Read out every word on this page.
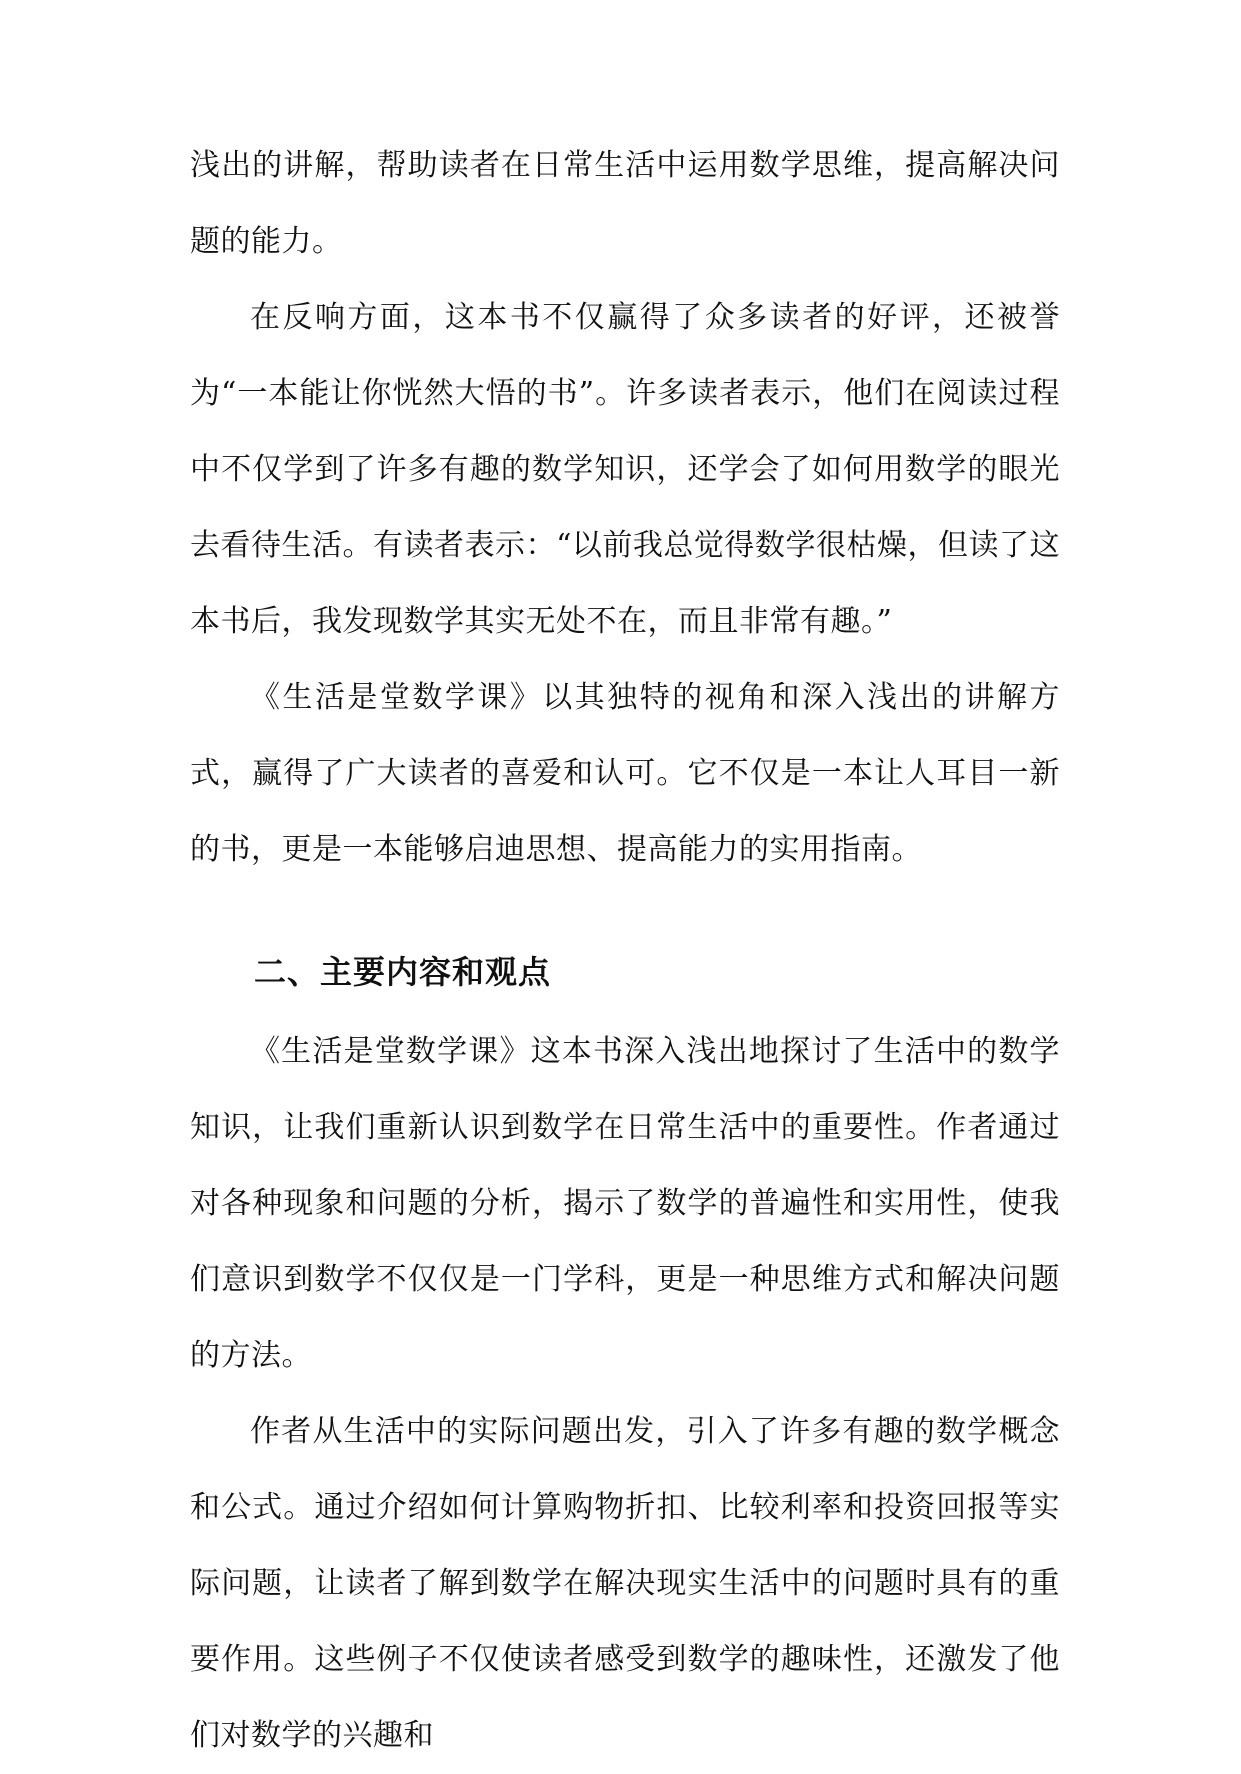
浅出的讲解，帮助读者在日常生活中运用数学思维，提高解决问题的能力。

在反响方面，这本书不仅赢得了众多读者的好评，还被誉为“一本能让你恍然大悟的书”。许多读者表示，他们在阅读过程中不仅学到了许多有趣的数学知识，还学会了如何用数学的眼光去看待生活。有读者表示：“以前我总觉得数学很枯燥，但读了这本书后，我发现数学其实无处不在，而且非常有趣。”

《生活是堂数学课》以其独特的视角和深入浅出的讲解方式，赢得了广大读者的喜爱和认可。它不仅是一本让人耳目一新的书，更是一本能够启迪思想、提高能力的实用指南。

二、主要内容和观点

《生活是堂数学课》这本书深入浅出地探讨了生活中的数学知识，让我们重新认识到数学在日常生活中的重要性。作者通过对各种现象和问题的分析，揭示了数学的普遍性和实用性，使我们意识到数学不仅仅是一门学科，更是一种思维方式和解决问题的方法。

作者从生活中的实际问题出发，引入了许多有趣的数学概念和公式。通过介绍如何计算购物折扣、比较利率和投资回报等实际问题，让读者了解到数学在解决现实生活中的问题时具有的重要作用。这些例子不仅使读者感受到数学的趣味性，还激发了他们对数学的兴趣和
